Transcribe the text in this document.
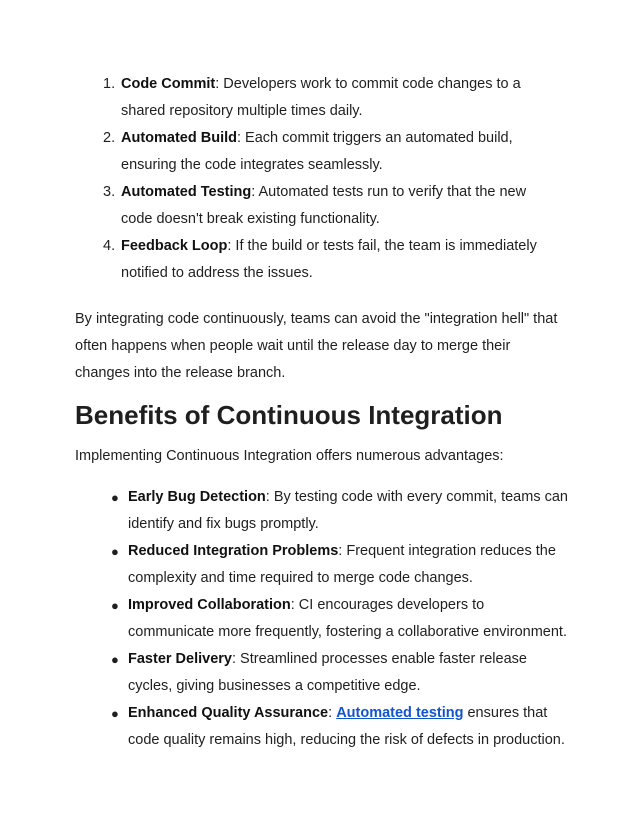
1. Code Commit: Developers work to commit code changes to a shared repository multiple times daily.
2. Automated Build: Each commit triggers an automated build, ensuring the code integrates seamlessly.
3. Automated Testing: Automated tests run to verify that the new code doesn't break existing functionality.
4. Feedback Loop: If the build or tests fail, the team is immediately notified to address the issues.

By integrating code continuously, teams can avoid the "integration hell" that often happens when people wait until the release day to merge their changes into the release branch.

Benefits of Continuous Integration

Implementing Continuous Integration offers numerous advantages:

● Early Bug Detection: By testing code with every commit, teams can identify and fix bugs promptly.
● Reduced Integration Problems: Frequent integration reduces the complexity and time required to merge code changes.
● Improved Collaboration: CI encourages developers to communicate more frequently, fostering a collaborative environment.
● Faster Delivery: Streamlined processes enable faster release cycles, giving businesses a competitive edge.
● Enhanced Quality Assurance: Automated testing ensures that code quality remains high, reducing the risk of defects in production.
